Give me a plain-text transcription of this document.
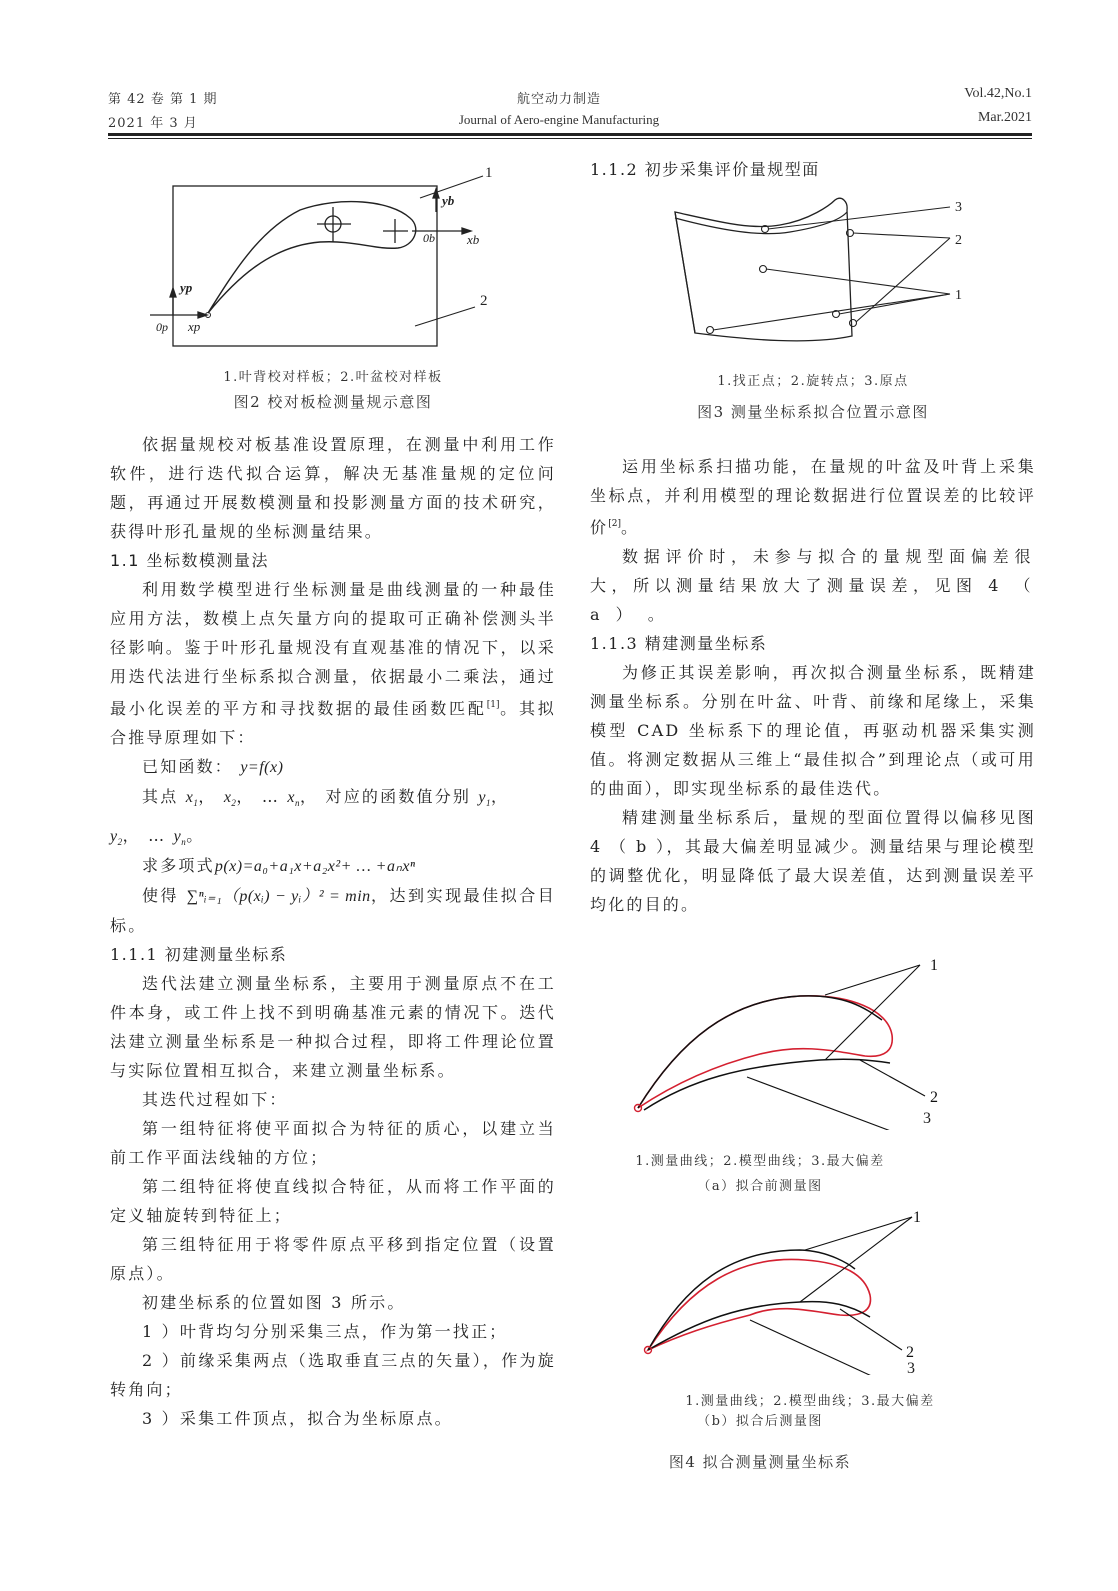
第 42 卷 第 1 期
2021 年 3 月
航空动力制造
Journal of Aero-engine Manufacturing
Vol.42,No.1
Mar.2021
1
2
yb
0b xb
yp
0p xp
1.叶背校对样板；2.叶盆校对样板
图2 校对板检测量规示意图

依据量规校对板基准设置原理，在测量中利用工作软件，进行迭代拟合运算，解决无基准量规的定位问题，再通过开展数模测量和投影测量方面的技术研究，获得叶形孔量规的坐标测量结果。

1.1 坐标数模测量法

利用数学模型进行坐标测量是曲线测量的一种最佳应用方法，数模上点矢量方向的提取可正确补偿测头半径影响。鉴于叶形孔量规没有直观基准的情况下，以采用迭代法进行坐标系拟合测量，依据最小二乘法，通过最小化误差的平方和寻找数据的最佳函数匹配[1]。其拟合推导原理如下：

已知函数： y=f(x)

其点 $x_1$， $x_2$， … $x_n$， 对应的函数值分别 $y_1$，

$y_2$， … $y_n$。

求多项式p(x)=a₀+a₁x+a₂x²+ … +aₙxⁿ

使得 ∑ⁿᵢ₌₁（p(xᵢ) − yᵢ）² = min，达到实现最佳拟合目标。

1.1.1 初建测量坐标系

迭代法建立测量坐标系，主要用于测量原点不在工件本身，或工件上找不到明确基准元素的情况下。迭代法建立测量坐标系是一种拟合过程，即将工件理论位置与实际位置相互拟合，来建立测量坐标系。

其迭代过程如下：

第一组特征将使平面拟合为特征的质心，以建立当前工作平面法线轴的方位；

第二组特征将使直线拟合特征，从而将工作平面的定义轴旋转到特征上；

第三组特征用于将零件原点平移到指定位置（设置原点）。

初建坐标系的位置如图 3 所示。

1 ）叶背均匀分别采集三点，作为第一找正；

2 ）前缘采集两点（选取垂直三点的矢量），作为旋转角向；

3 ）采集工件顶点，拟合为坐标原点。

1.1.2 初步采集评价量规型面

3
2
1
1.找正点；2.旋转点；3.原点
图3 测量坐标系拟合位置示意图

运用坐标系扫描功能，在量规的叶盆及叶背上采集坐标点，并利用模型的理论数据进行位置误差的比较评价[2]。

数据评价时，未参与拟合的量规型面偏差很大，所以测量结果放大了测量误差，见图 4 （ a ） 。

1.1.3 精建测量坐标系

为修正其误差影响，再次拟合测量坐标系，既精建测量坐标系。分别在叶盆、叶背、前缘和尾缘上，采集模型 CAD 坐标系下的理论值，再驱动机器采集实测值。将测定数据从三维上“最佳拟合”到理论点（或可用的曲面），即实现坐标系的最佳迭代。

精建测量坐标系后，量规的型面位置得以偏移见图 4 （ b ），其最大偏差明显减少。测量结果与理论模型的调整优化，明显降低了最大误差值，达到测量误差平均化的目的。

1
2
3
1.测量曲线；2.模型曲线；3.最大偏差
（a）拟合前测量图
1
2
3
1.测量曲线；2.模型曲线；3.最大偏差
（b）拟合后测量图
图4 拟合测量测量坐标系
